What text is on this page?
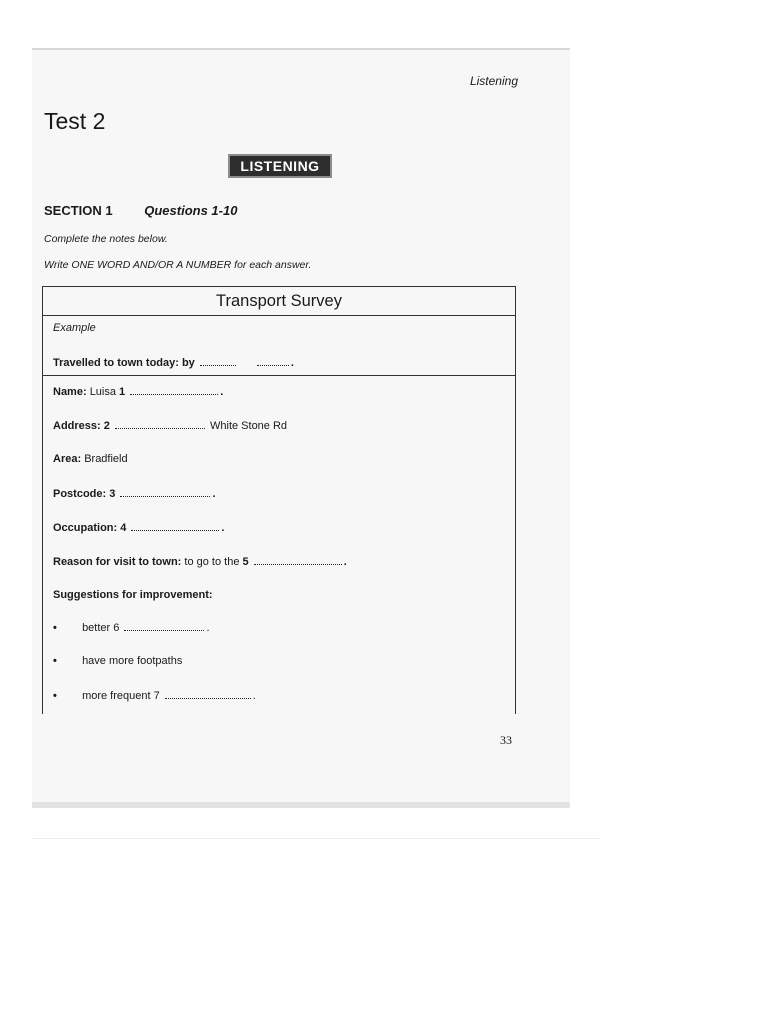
Listening
Test 2
LISTENING
SECTION 1 Questions 1-10
Complete the notes below.
Write ONE WORD AND/OR A NUMBER for each answer.
Transport Survey
Example
Travelled to town today: by	.
Name: Luisa 1	.
Address: 2	White Stone Rd
Area: Bradfield
Postcode: 3	.
Occupation: 4	.
Reason for visit to town: to go to the 5	.
Suggestions for improvement:
• better 6	.
• have more footpaths
• more frequent 7	.
33
